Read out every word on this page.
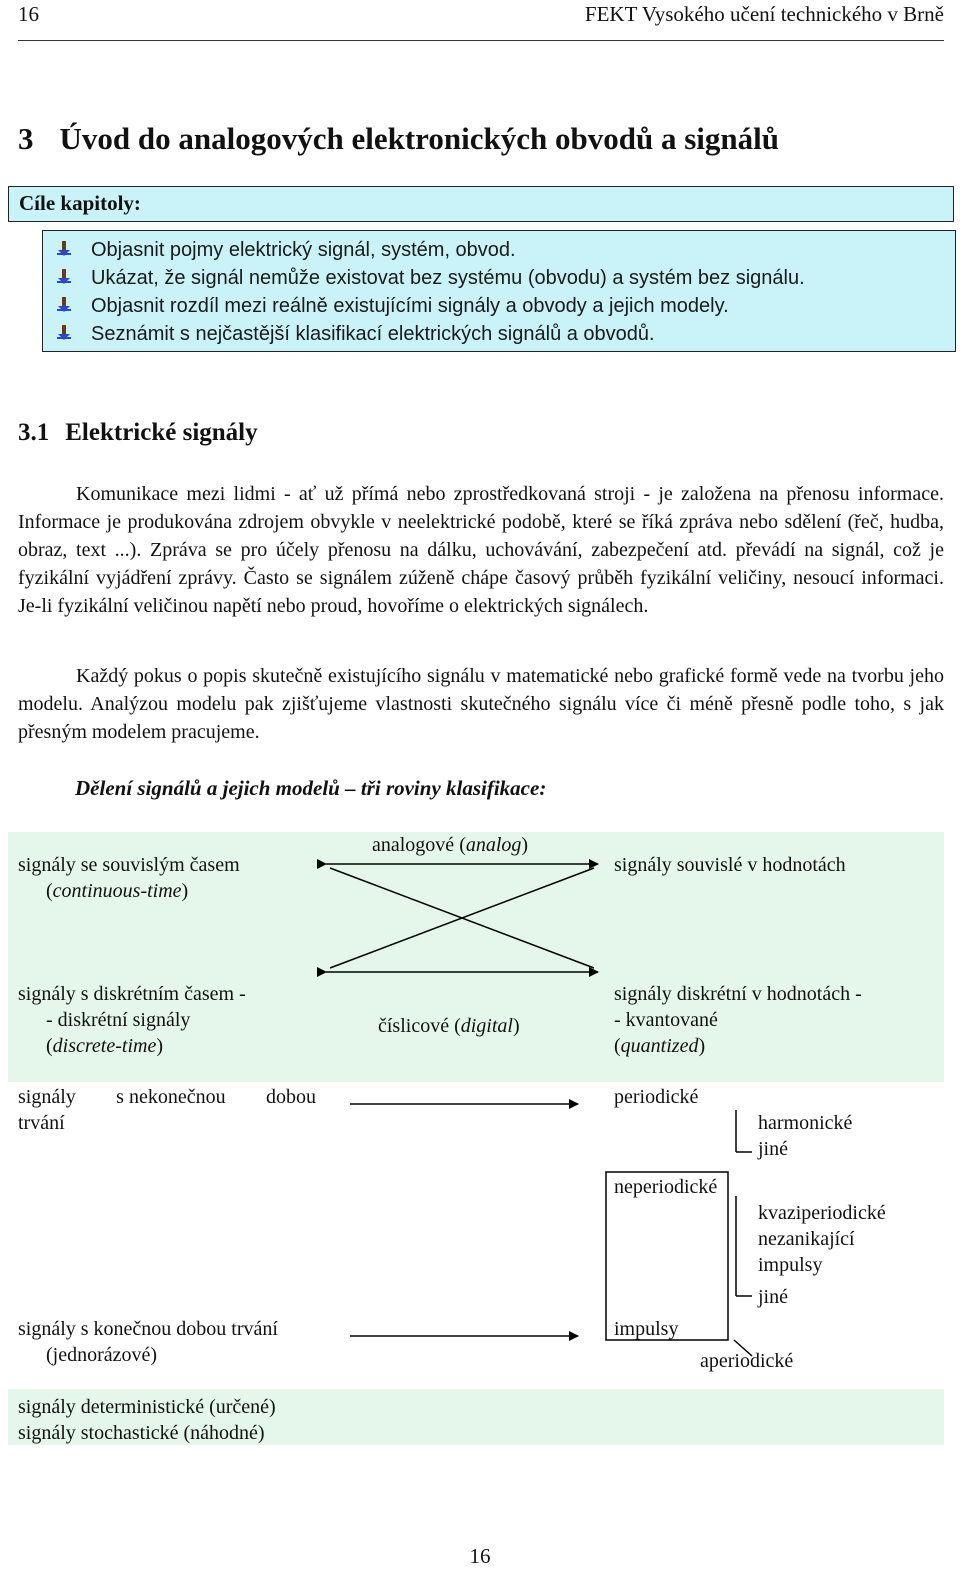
16	FEKT Vysokého učení technického v Brně
3 Úvod do analogových elektronických obvodů a signálů
Cíle kapitoly:
Objasnit pojmy elektrický signál, systém, obvod.
Ukázat, že signál nemůže existovat bez systému (obvodu) a systém bez signálu.
Objasnit rozdíl mezi reálně existujícími signály a obvody a jejich modely.
Seznámit s nejčastější klasifikací elektrických signálů a obvodů.
3.1 Elektrické signály
Komunikace mezi lidmi - ať už přímá nebo zprostředkovaná stroji - je založena na přenosu informace. Informace je produkována zdrojem obvykle v neelektrické podobě, které se říká zpráva nebo sdělení (řeč, hudba, obraz, text ...). Zpráva se pro účely přenosu na dálku, uchovávání, zabezpečení atd. převádí na signál, což je fyzikální vyjádření zprávy. Často se signálem zúženě chápe časový průběh fyzikální veličiny, nesoucí informaci. Je-li fyzikální veličinou napětí nebo proud, hovoříme o elektrických signálech.
Každý pokus o popis skutečně existujícího signálu v matematické nebo grafické formě vede na tvorbu jeho modelu. Analýzou modelu pak zjišťujeme vlastnosti skutečného signálu více či méně přesně podle toho, s jak přesným modelem pracujeme.
Dělení signálů a jejich modelů – tři roviny klasifikace:
signály se souvislým časem
(continuous-time)
analogové (analog)
signály souvislé v hodnotách
signály s diskrétním časem -
- diskrétní signály
(discrete-time)
číslicové (digital)
signály diskrétní v hodnotách -
- kvantované
(quantized)
signály s nekonečnou dobou
trvání
periodické
harmonické
jiné
neperiodické
kvaziperiodické
nezanikající
impulsy
jiné
signály s konečnou dobou trvání
(jednorázové)
impulsy
aperiodické
signály deterministické (určené)
signály stochastické (náhodné)
16
